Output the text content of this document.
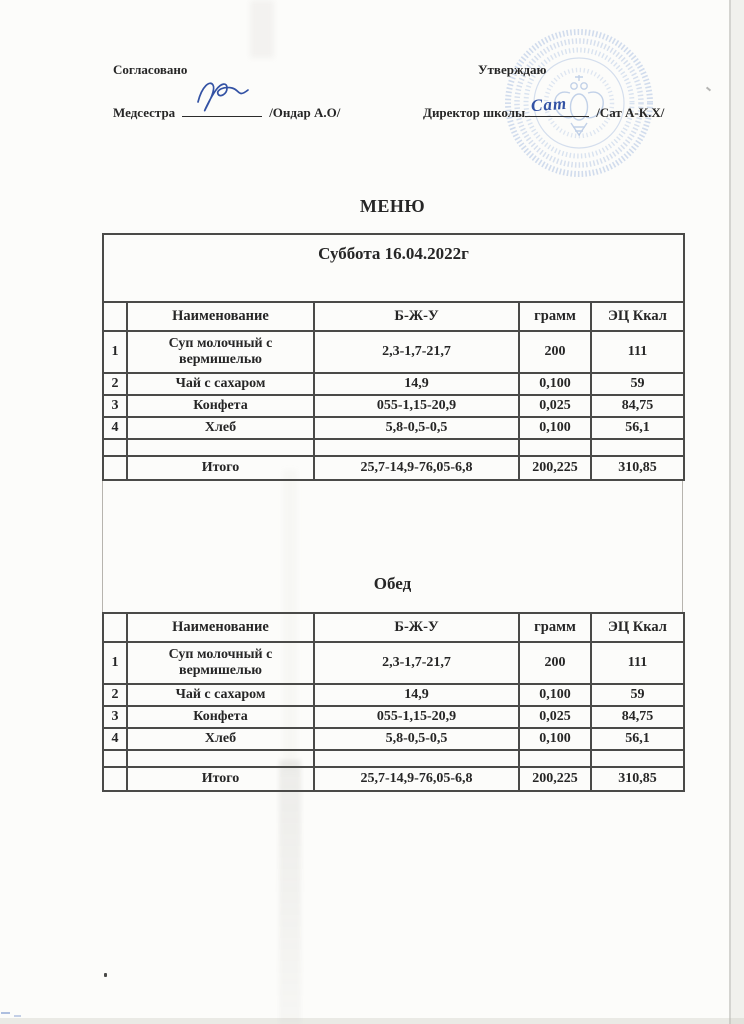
Согласовано
Медсестра	/Ондар А.О/
Утверждаю
Директор школы Сат /Сат А-К.Х/
МЕНЮ
Суббота 16.04.2022г				
	Наименование	Б-Ж-У	грамм	ЭЦ Ккал
1	Суп молочный с вермишелью	2,3-1,7-21,7	200	111
2	Чай с сахаром	14,9	0,100	59
3	Конфета	055-1,15-20,9	0,025	84,75
4	Хлеб	5,8-0,5-0,5	0,100	56,1

	Итого	25,7-14,9-76,05-6,8	200,225	310,85
Обед
	Наименование	Б-Ж-У	грамм	ЭЦ Ккал
1	Суп молочный с вермишелью	2,3-1,7-21,7	200	111
2	Чай с сахаром	14,9	0,100	59
3	Конфета	055-1,15-20,9	0,025	84,75
4	Хлеб	5,8-0,5-0,5	0,100	56,1

	Итого	25,7-14,9-76,05-6,8	200,225	310,85
